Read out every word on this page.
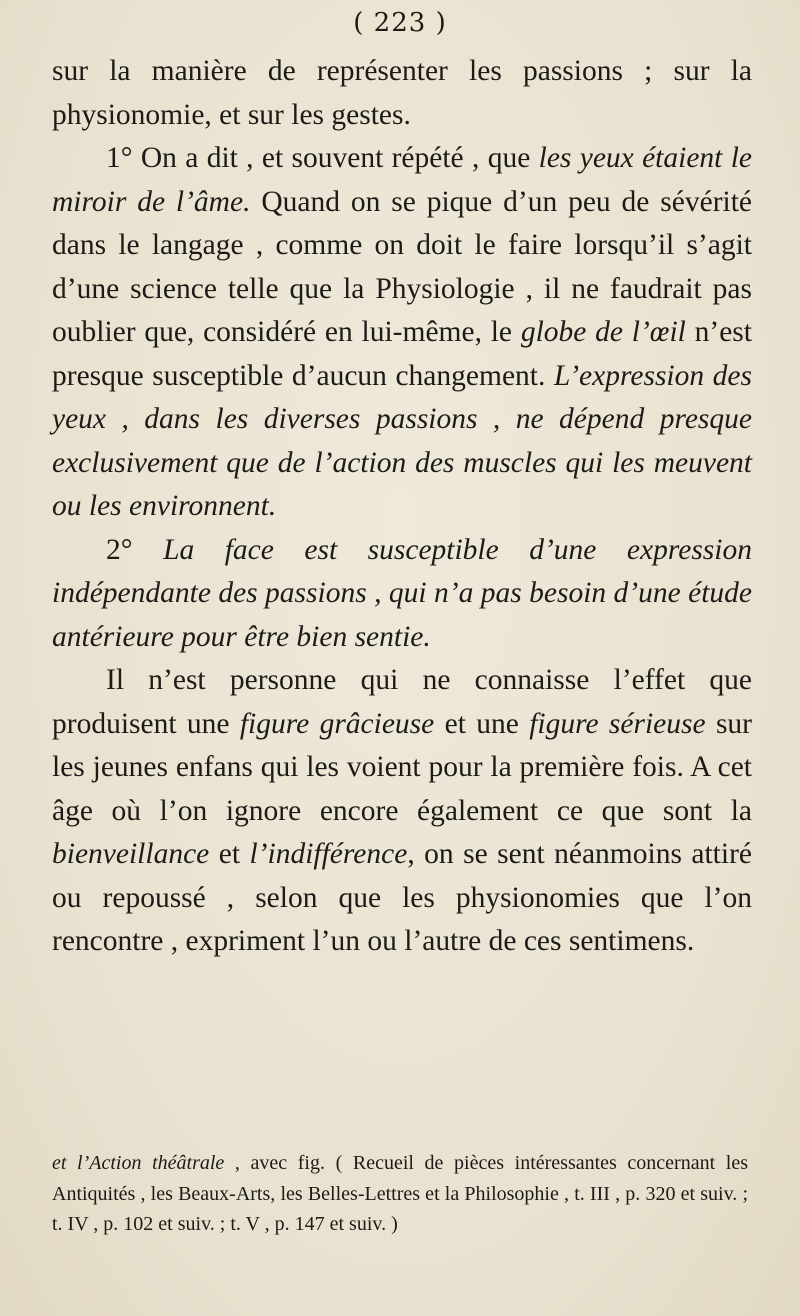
( 223 )

sur la manière de représenter les passions ; sur la physionomie, et sur les gestes.

1° On a dit , et souvent répété , que les yeux étaient le miroir de l’âme. Quand on se pique d’un peu de sévérité dans le langage , comme on doit le faire lorsqu’il s’agit d’une science telle que la Physiologie , il ne faudrait pas oublier que, considéré en lui-même, le globe de l’œil n’est presque susceptible d’aucun changement. L’expression des yeux , dans les diverses passions , ne dépend presque exclusivement que de l’action des muscles qui les meuvent ou les environnent.

2° La face est susceptible d’une expression indépendante des passions , qui n’a pas besoin d’une étude antérieure pour être bien sentie.

Il n’est personne qui ne connaisse l’effet que produisent une figure grâcieuse et une figure sérieuse sur les jeunes enfans qui les voient pour la première fois. A cet âge où l’on ignore encore également ce que sont la bienveillance et l’indifférence, on se sent néanmoins attiré ou repoussé , selon que les physionomies que l’on rencontre , expriment l’un ou l’autre de ces sentimens.

et l’Action théâtrale , avec fig. ( Recueil de pièces intéressantes concernant les Antiquités , les Beaux-Arts, les Belles-Lettres et la Philosophie , t. III , p. 320 et suiv. ; t. IV , p. 102 et suiv. ; t. V , p. 147 et suiv. )
